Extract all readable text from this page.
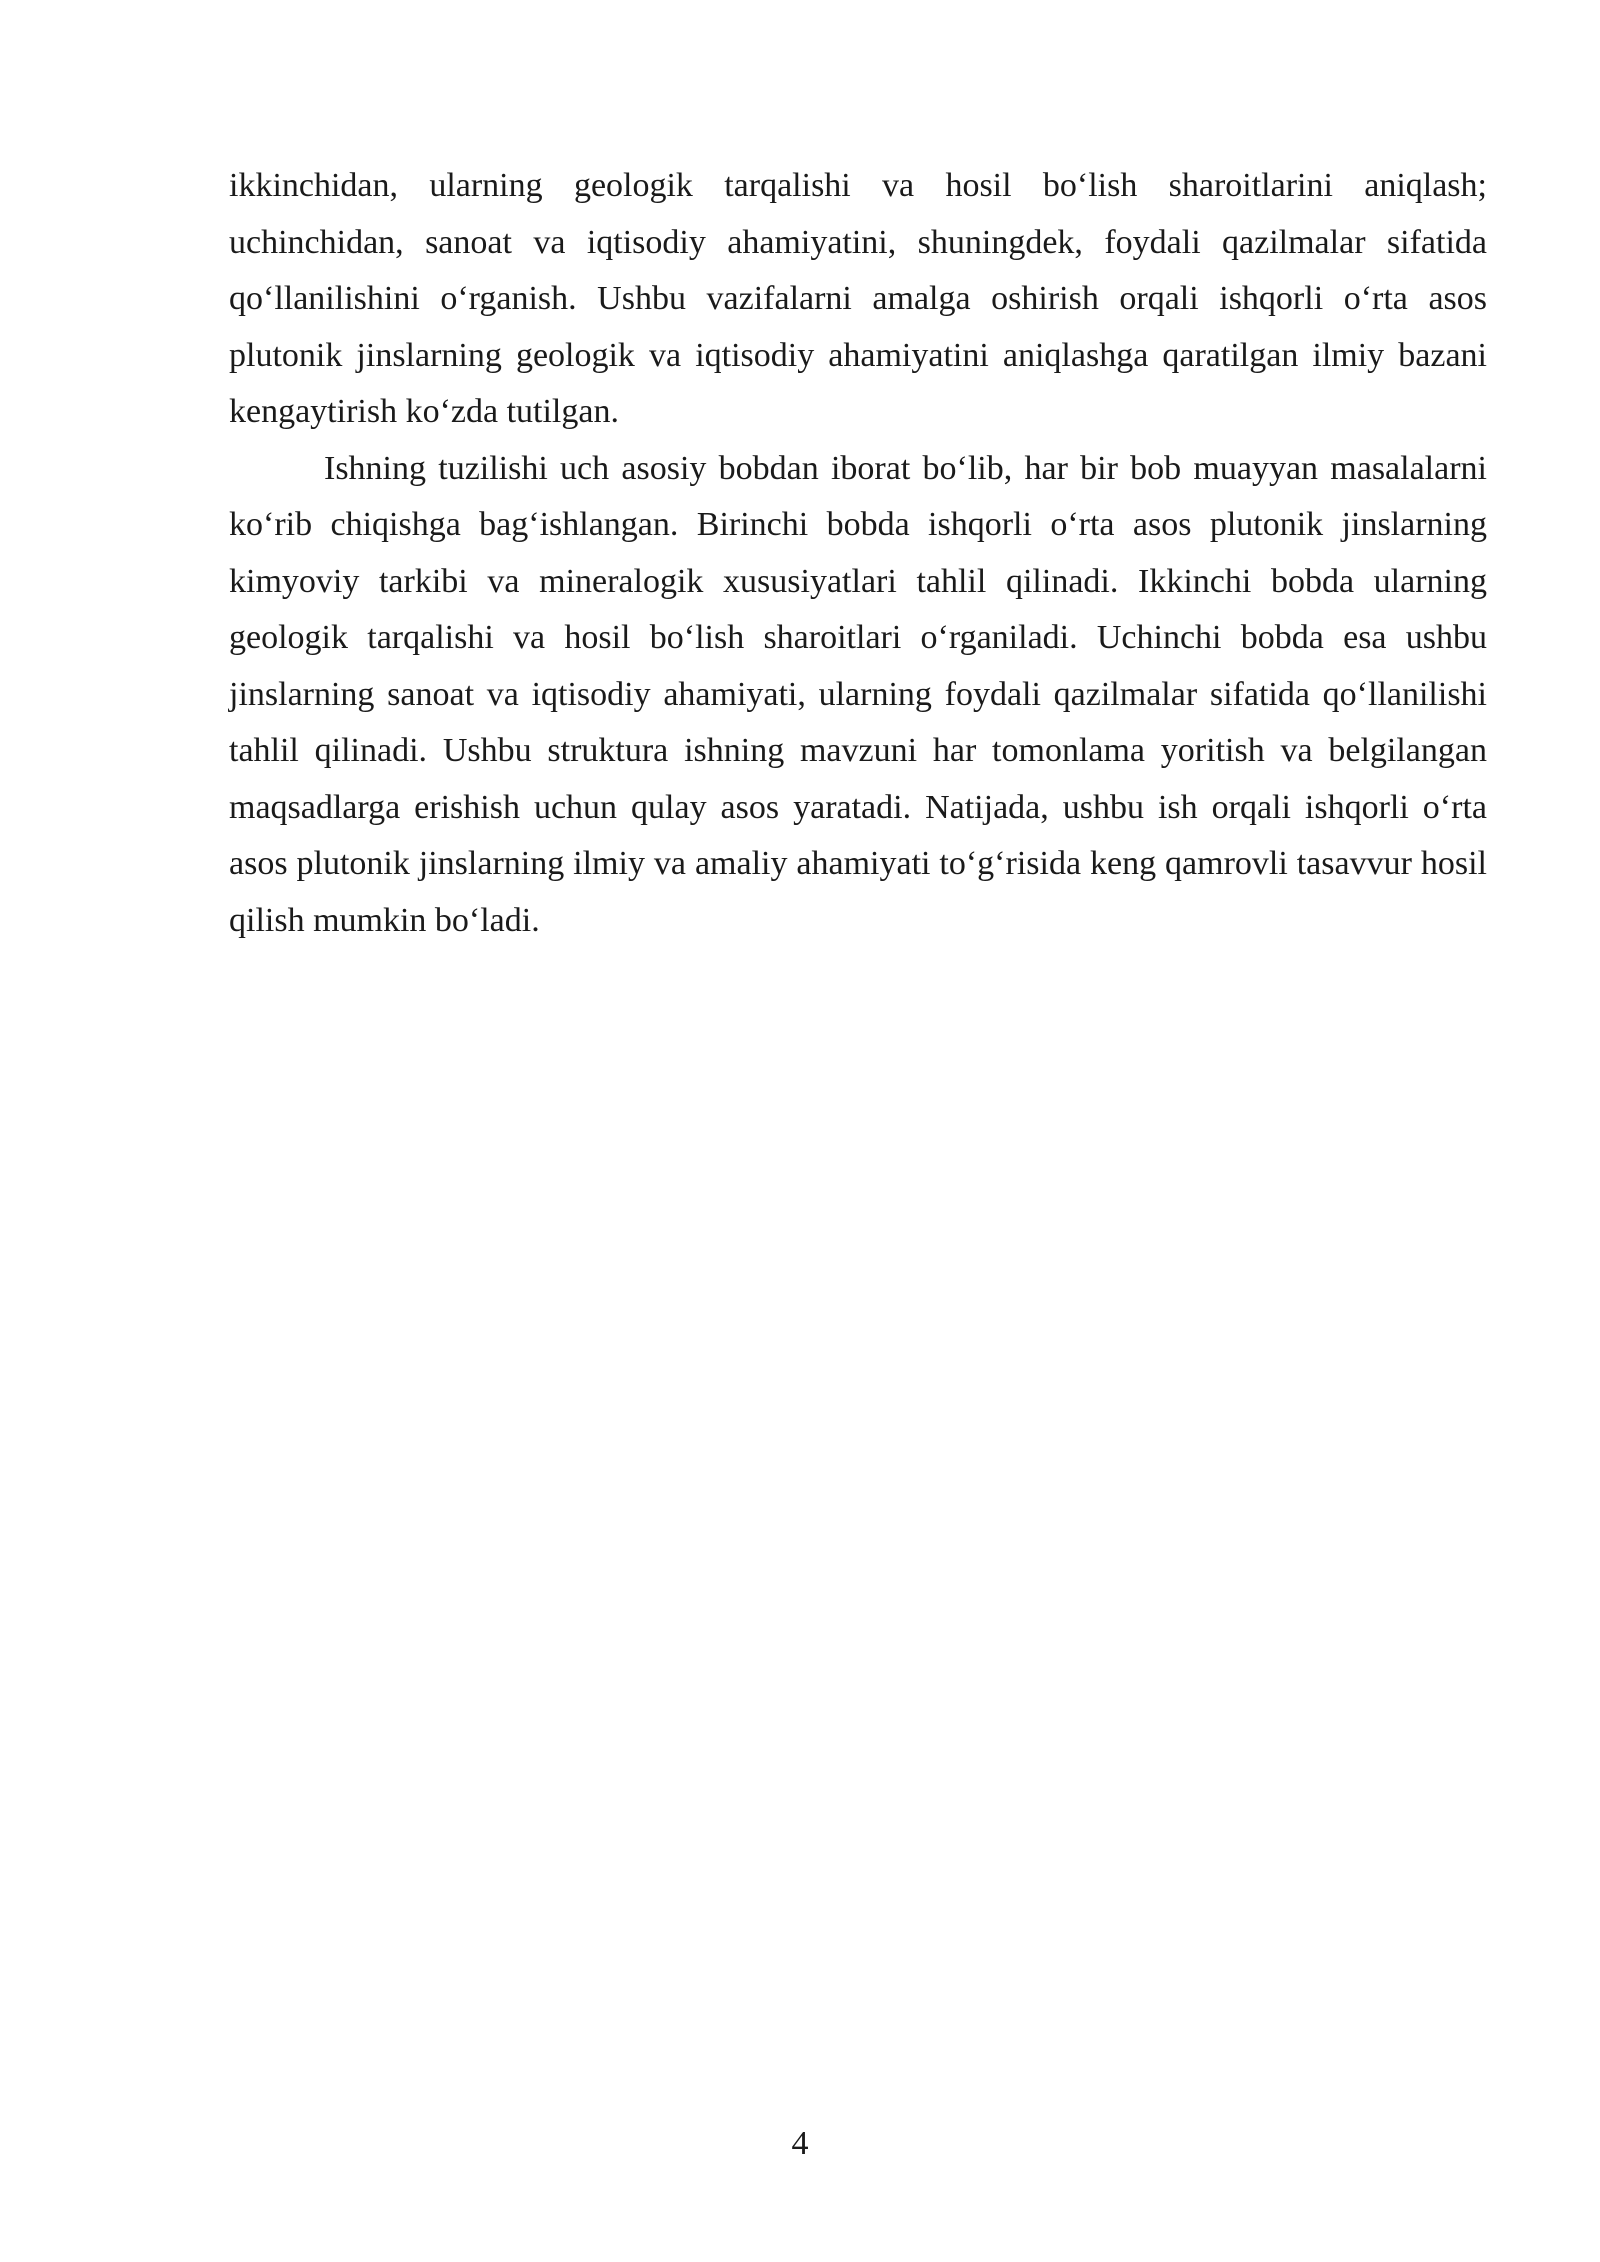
ikkinchidan, ularning geologik tarqalishi va hosil bo‘lish sharoitlarini aniqlash; uchinchidan, sanoat va iqtisodiy ahamiyatini, shuningdek, foydali qazilmalar sifatida qo‘llanilishini o‘rganish. Ushbu vazifalarni amalga oshirish orqali ishqorli o‘rta asos plutonik jinslarning geologik va iqtisodiy ahamiyatini aniqlashga qaratilgan ilmiy bazani kengaytirish ko‘zda tutilgan.

Ishning tuzilishi uch asosiy bobdan iborat bo‘lib, har bir bob muayyan masalalarni ko‘rib chiqishga bag‘ishlangan. Birinchi bobda ishqorli o‘rta asos plutonik jinslarning kimyoviy tarkibi va mineralogik xususiyatlari tahlil qilinadi. Ikkinchi bobda ularning geologik tarqalishi va hosil bo‘lish sharoitlari o‘rganiladi. Uchinchi bobda esa ushbu jinslarning sanoat va iqtisodiy ahamiyati, ularning foydali qazilmalar sifatida qo‘llanilishi tahlil qilinadi. Ushbu struktura ishning mavzuni har tomonlama yoritish va belgilangan maqsadlarga erishish uchun qulay asos yaratadi. Natijada, ushbu ish orqali ishqorli o‘rta asos plutonik jinslarning ilmiy va amaliy ahamiyati to‘g‘risida keng qamrovli tasavvur hosil qilish mumkin bo‘ladi.

4
